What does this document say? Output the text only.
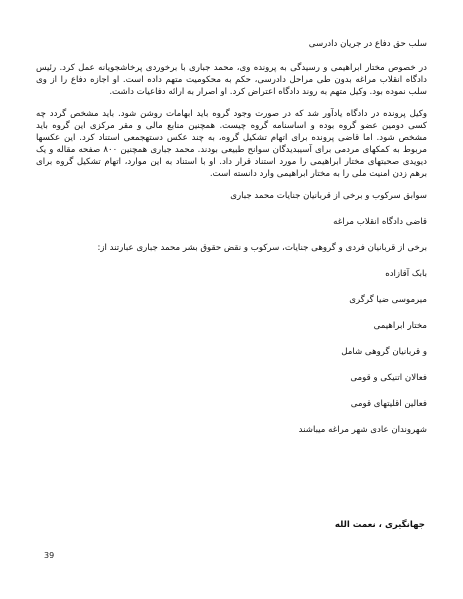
سلب حق دفاع در جریان دادرسی

در خصوص مختار ابراهیمی و رسیدگی به پرونده وی، محمد جباری با برخوردی پرخاشجویانه عمل کرد. رئیس دادگاه انقلاب مراغه بدون طی مراحل دادرسی، حکم به محکومیت متهم داده است. او اجازه دفاع را از وی سلب نموده بود. وکیل متهم به روند دادگاه اعتراض کرد. او اصرار به ارائه دفاعیات داشت.

وکیل پرونده در دادگاه یادآور شد که در صورت وجود گروه باید ابهامات روشن شود. باید مشخص گردد چه کسی دومین عضو گروه بوده و اساسنامه گروه چیست. همچنین منابع مالی و مقر مرکزی این گروه باید مشخص شود. اما قاضی پرونده برای اتهام تشکیل گروه، به چند عکس دستهجمعی استناد کرد. این عکسها مربوط به کمکهای مردمی برای آسیبدیدگان سوانح طبیعی بودند. محمد جباری همچنین ۸۰۰ صفحه مقاله و یک دیویدی صحبتهای مختار ابراهیمی را مورد استناد قرار داد. او با استناد به این موارد، اتهام تشکیل گروه برای برهم زدن امنیت ملی را به مختار ابراهیمی وارد دانسته است.

سوابق سرکوب و برخی از قربانیان جنایات محمد جباری

قاضی دادگاه انقلاب مراغه

برخی از قربانیان فردی و گروهی جنایات، سرکوب و نقض حقوق بشر محمد جباری عبارتند از:

بابک آقازاده

میرموسی ضیا گرگری

مختار ابراهیمی

و قربانیان گروهی شامل

فعالان اتنیکی و قومی

فعالین اقلیتهای قومی

شهروندان عادی شهر مراغه میباشند

جهانگیری ، نعمت الله
39
